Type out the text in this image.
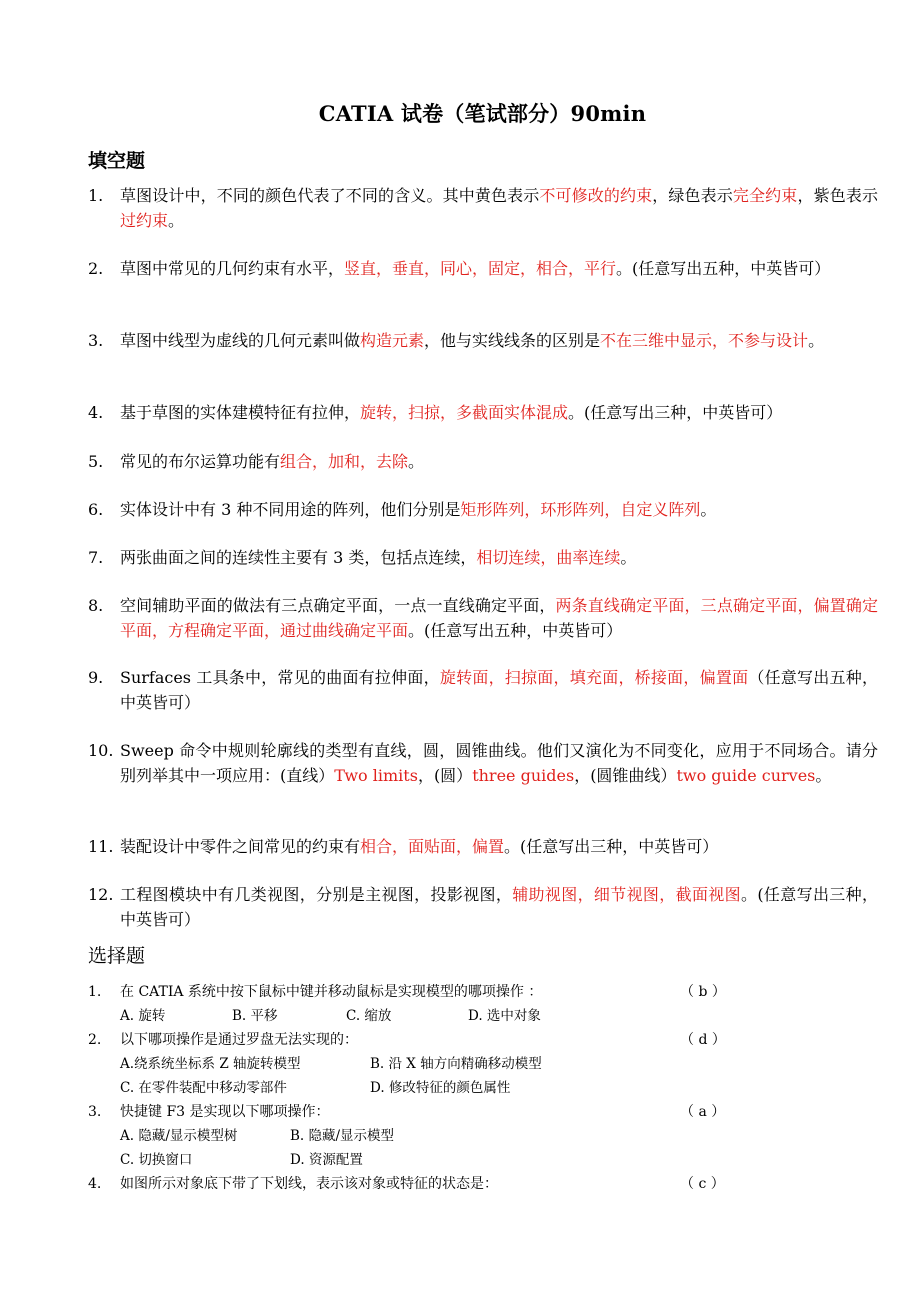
CATIA 试卷（笔试部分）90min
填空题
1. 草图设计中，不同的颜色代表了不同的含义。其中黄色表示不可修改的约束，绿色表示完全约束，紫色表示过约束。
2. 草图中常见的几何约束有水平，竖直，垂直，同心，固定，相合，平行。(任意写出五种，中英皆可）
3. 草图中线型为虚线的几何元素叫做构造元素，他与实线线条的区别是不在三维中显示，不参与设计。
4. 基于草图的实体建模特征有拉伸，旋转，扫掠，多截面实体混成。(任意写出三种，中英皆可）
5. 常见的布尔运算功能有组合，加和，去除。
6. 实体设计中有 3 种不同用途的阵列，他们分别是矩形阵列，环形阵列，自定义阵列。
7. 两张曲面之间的连续性主要有 3 类，包括点连续，相切连续，曲率连续。
8. 空间辅助平面的做法有三点确定平面，一点一直线确定平面，两条直线确定平面，三点确定平面，偏置确定平面，方程确定平面，通过曲线确定平面。(任意写出五种，中英皆可）
9. Surfaces 工具条中，常见的曲面有拉伸面，旋转面，扫掠面，填充面，桥接面，偏置面（任意写出五种，中英皆可）
10. Sweep 命令中规则轮廓线的类型有直线，圆，圆锥曲线。他们又演化为不同变化，应用于不同场合。请分别列举其中一项应用：(直线）Two limits，(圆）three guides，(圆锥曲线）two guide curves。
11. 装配设计中零件之间常见的约束有相合，面贴面，偏置。(任意写出三种，中英皆可）
12. 工程图模块中有几类视图，分别是主视图，投影视图，辅助视图，细节视图，截面视图。(任意写出三种，中英皆可）
选择题
1. 在 CATIA 系统中按下鼠标中键并移动鼠标是实现模型的哪项操作 ：	（ b ）
A. 旋转	B. 平移	C. 缩放	D. 选中对象
2. 以下哪项操作是通过罗盘无法实现的：	（ d ）
A.绕系统坐标系 Z 轴旋转模型	B. 沿 X 轴方向精确移动模型
C. 在零件装配中移动零部件	D. 修改特征的颜色属性
3. 快捷键 F3 是实现以下哪项操作：	（ a ）
A. 隐藏/显示模型树	B. 隐藏/显示模型
C. 切换窗口	D. 资源配置
4. 如图所示对象底下带了下划线，表示该对象或特征的状态是：	（ c ）
